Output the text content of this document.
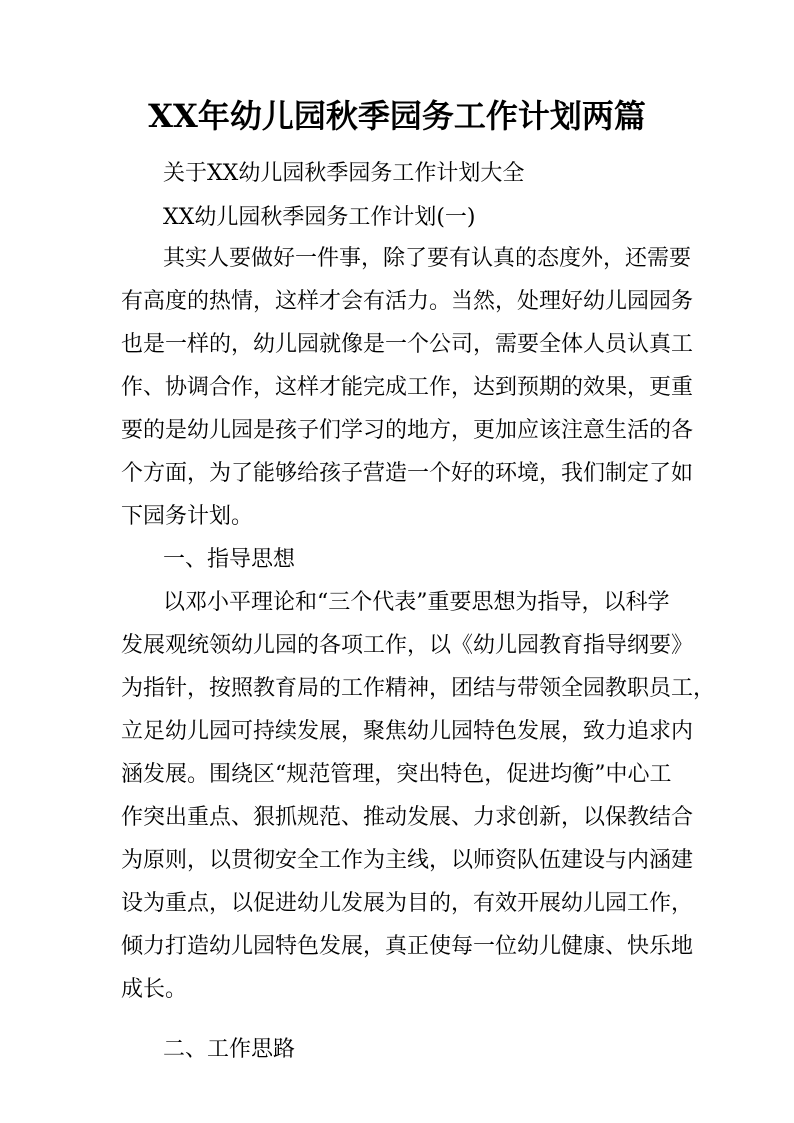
XX年幼儿园秋季园务工作计划两篇
关于XX幼儿园秋季园务工作计划大全
XX幼儿园秋季园务工作计划(一)
其实人要做好一件事，除了要有认真的态度外，还需要
有高度的热情，这样才会有活力。当然，处理好幼儿园园务
也是一样的，幼儿园就像是一个公司，需要全体人员认真工
作、协调合作，这样才能完成工作，达到预期的效果，更重
要的是幼儿园是孩子们学习的地方，更加应该注意生活的各
个方面，为了能够给孩子营造一个好的环境，我们制定了如
下园务计划。
一、指导思想
以邓小平理论和“三个代表”重要思想为指导，以科学
发展观统领幼儿园的各项工作，以《幼儿园教育指导纲要》
为指针，按照教育局的工作精神，团结与带领全园教职员工，
立足幼儿园可持续发展，聚焦幼儿园特色发展，致力追求内
涵发展。围绕区“规范管理，突出特色，促进均衡”中心工
作突出重点、狠抓规范、推动发展、力求创新，以保教结合
为原则，以贯彻安全工作为主线，以师资队伍建设与内涵建
设为重点，以促进幼儿发展为目的，有效开展幼儿园工作，
倾力打造幼儿园特色发展，真正使每一位幼儿健康、快乐地
成长。
二、工作思路
